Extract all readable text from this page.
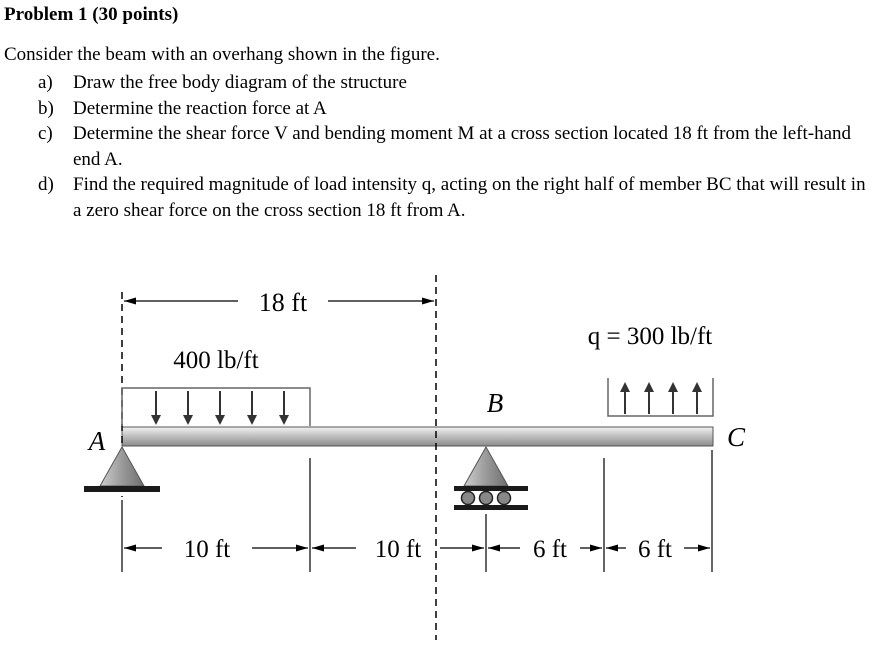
Problem 1 (30 points)
Consider the beam with an overhang shown in the figure.
a)	Draw the free body diagram of the structure
b)	Determine the reaction force at A
c)	Determine the shear force V and bending moment M at a cross section located 18 ft from the left-hand end A.
d)	Find the required magnitude of load intensity q, acting on the right half of member BC that will result in a zero shear force on the cross section 18 ft from A.
18 ft
400 lb/ft
q = 300 lb/ft
A
B
C
10 ft	10 ft	6 ft	6 ft
